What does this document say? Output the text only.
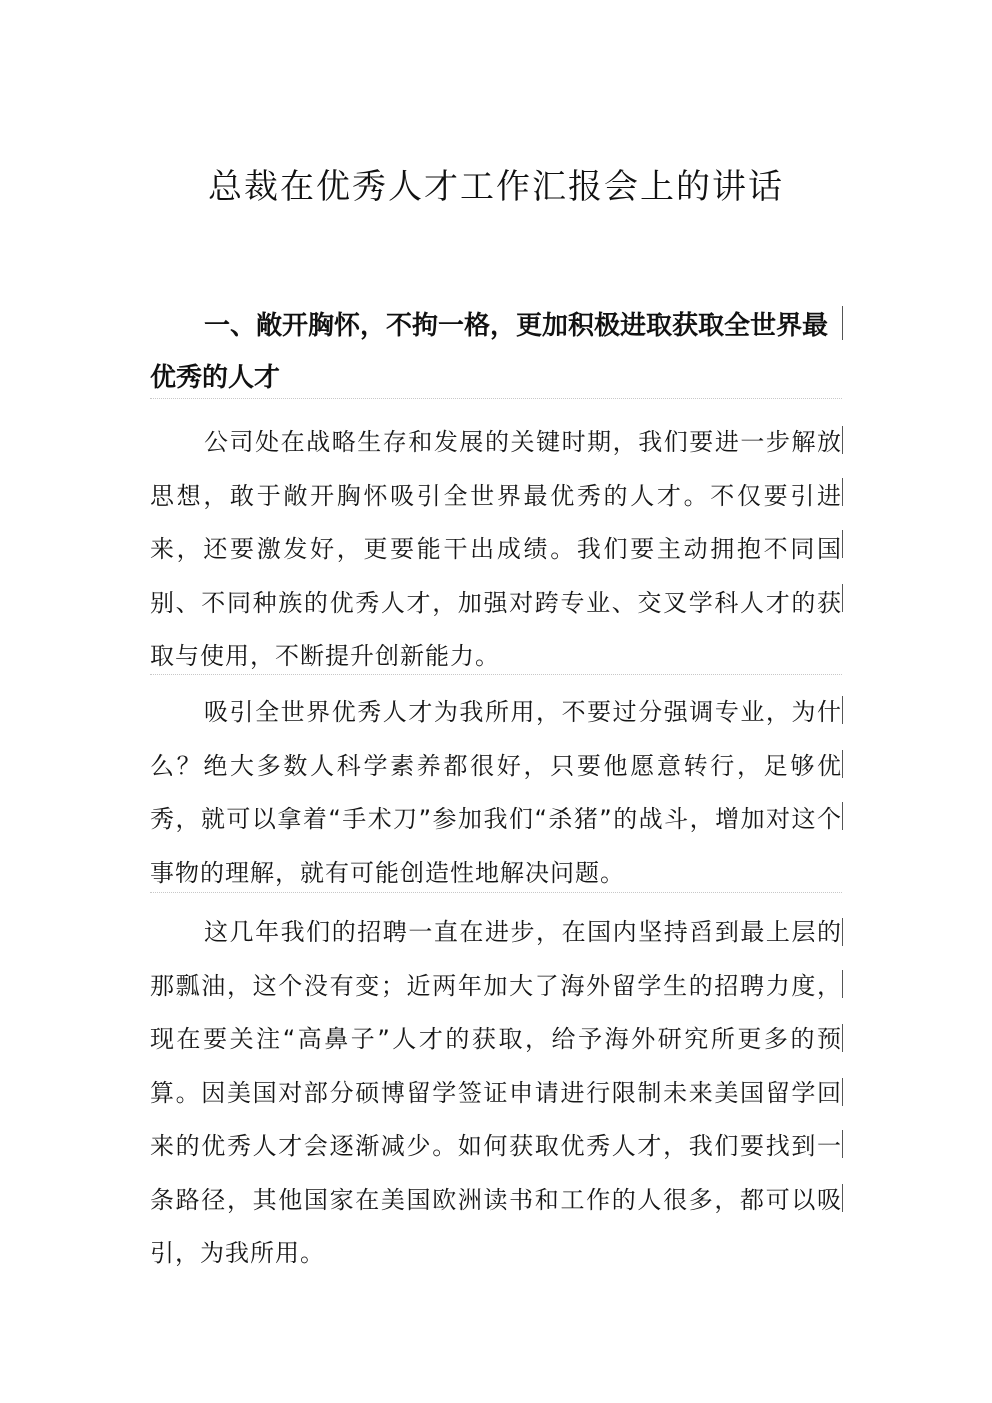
总裁在优秀人才工作汇报会上的讲话

一、敞开胸怀，不拘一格，更加积极进取获取全世界最优秀的人才

公司处在战略生存和发展的关键时期，我们要进一步解放思想，敢于敞开胸怀吸引全世界最优秀的人才。不仅要引进来，还要激发好，更要能干出成绩。我们要主动拥抱不同国别、不同种族的优秀人才，加强对跨专业、交叉学科人才的获取与使用，不断提升创新能力。

吸引全世界优秀人才为我所用，不要过分强调专业，为什么？绝大多数人科学素养都很好，只要他愿意转行，足够优秀，就可以拿着“手术刀”参加我们“杀猪”的战斗，增加对这个事物的理解，就有可能创造性地解决问题。

这几年我们的招聘一直在进步，在国内坚持舀到最上层的那瓢油，这个没有变；近两年加大了海外留学生的招聘力度，现在要关注“高鼻子”人才的获取，给予海外研究所更多的预算。因美国对部分硕博留学签证申请进行限制未来美国留学回来的优秀人才会逐渐减少。如何获取优秀人才，我们要找到一条路径，其他国家在美国欧洲读书和工作的人很多，都可以吸引，为我所用。
